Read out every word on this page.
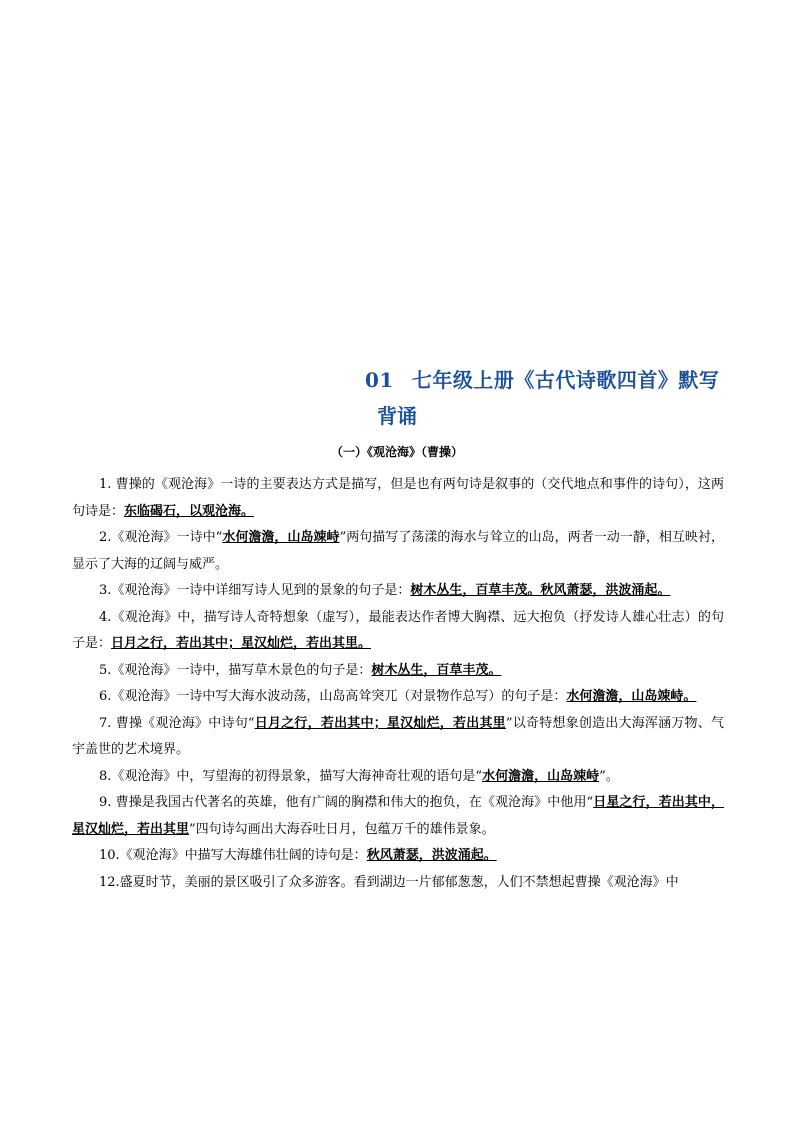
01 七年级上册《古代诗歌四首》默写
背诵
（一）《观沧海》（曹操）

1. 曹操的《观沧海》一诗的主要表达方式是描写，但是也有两句诗是叙事的（交代地点和事件的诗句），这两句诗是：东临碣石，以观沧海。

2.《观沧海》一诗中“水何澹澹，山岛竦峙”两句描写了荡漾的海水与耸立的山岛，两者一动一静，相互映衬，显示了大海的辽阔与威严。

3.《观沧海》一诗中详细写诗人见到的景象的句子是：树木丛生，百草丰茂。秋风萧瑟，洪波涌起。

4.《观沧海》中，描写诗人奇特想象（虚写），最能表达作者博大胸襟、远大抱负（抒发诗人雄心壮志）的句子是：日月之行，若出其中；星汉灿烂，若出其里。

5.《观沧海》一诗中，描写草木景色的句子是：树木丛生，百草丰茂。

6.《观沧海》一诗中写大海水波动荡，山岛高耸突兀（对景物作总写）的句子是：水何澹澹，山岛竦峙。

7. 曹操《观沧海》中诗句“日月之行，若出其中；星汉灿烂，若出其里”以奇特想象创造出大海浑涵万物、气宇盖世的艺术境界。

8.《观沧海》中，写望海的初得景象，描写大海神奇壮观的语句是“水何澹澹，山岛竦峙”。

9. 曹操是我国古代著名的英雄，他有广阔的胸襟和伟大的抱负，在《观沧海》中他用“日星之行，若出其中，星汉灿烂，若出其里”四句诗勾画出大海吞吐日月，包蕴万千的雄伟景象。

10.《观沧海》中描写大海雄伟壮阔的诗句是：秋风萧瑟，洪波涌起。

12.盛夏时节，美丽的景区吸引了众多游客。看到湖边一片郁郁葱葱，人们不禁想起曹操《观沧海》中
